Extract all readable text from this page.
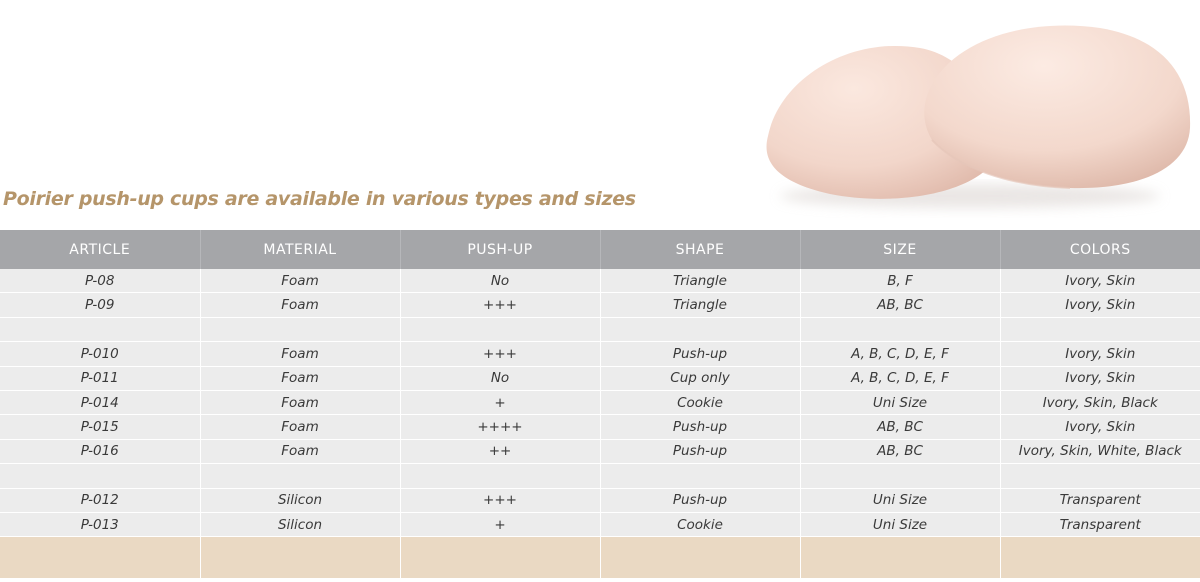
Poirier push-up cups are available in various types and sizes
ARTICLE	MATERIAL	PUSH-UP	SHAPE	SIZE	COLORS
P-08	Foam	No	Triangle	B, F	Ivory, Skin
P-09	Foam	+++	Triangle	AB, BC	Ivory, Skin

P-010	Foam	+++	Push-up	A, B, C, D, E, F	Ivory, Skin
P-011	Foam	No	Cup only	A, B, C, D, E, F	Ivory, Skin
P-014	Foam	+	Cookie	Uni Size	Ivory, Skin, Black
P-015	Foam	++++	Push-up	AB, BC	Ivory, Skin
P-016	Foam	++	Push-up	AB, BC	Ivory, Skin, White, Black

P-012	Silicon	+++	Push-up	Uni Size	Transparent
P-013	Silicon	+	Cookie	Uni Size	Transparent
